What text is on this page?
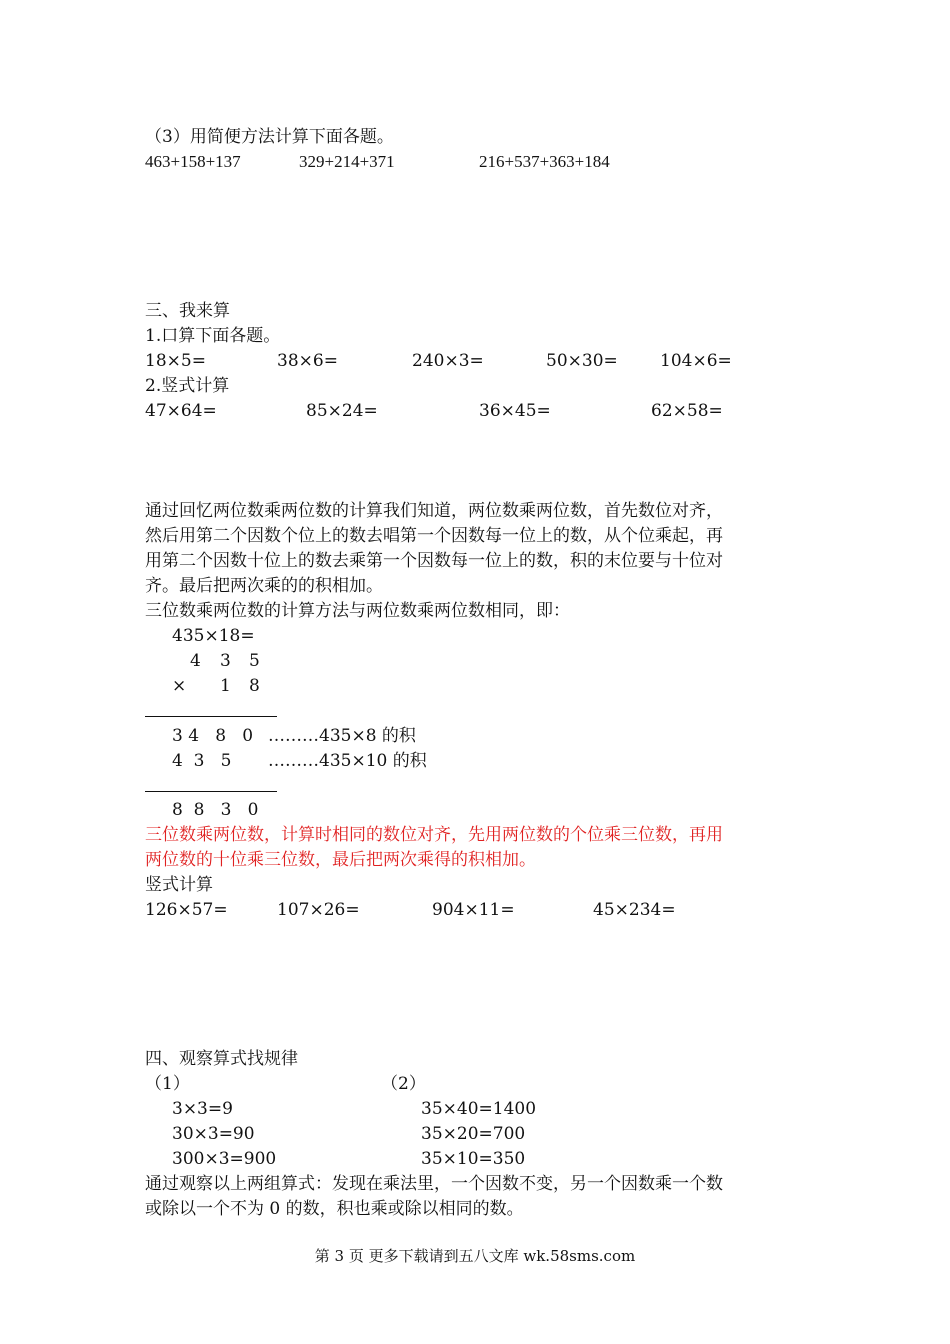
（3）用简便方法计算下面各题。
463+158+137	329+214+371	216+537+363+184
三、我来算
1.口算下面各题。
18×5=	38×6=	240×3=	50×30= 104×6=
2.竖式计算
47×64=	85×24=	36×45=	62×58=
通过回忆两位数乘两位数的计算我们知道，两位数乘两位数，首先数位对齐，
然后用第二个因数个位上的数去唱第一个因数每一位上的数，从个位乘起，再
用第二个因数十位上的数去乘第一个因数每一位上的数，积的末位要与十位对
齐。最后把两次乘的的积相加。
三位数乘两位数的计算方法与两位数乘两位数相同，即：
435×18=
4 3 5
× 1 8
3 4   8   0 ………435×8 的积
4  3   5 ………435×10 的积
8  8   3   0
三位数乘两位数，计算时相同的数位对齐，先用两位数的个位乘三位数，再用
两位数的十位乘三位数，最后把两次乘得的积相加。
竖式计算
126×57=	107×26=	904×11=	45×234=
四、观察算式找规律
（1）	（2）
3×3=9
30×3=90
300×3=900
35×40=1400
35×20=700
35×10=350
通过观察以上两组算式：发现在乘法里，一个因数不变，另一个因数乘一个数
或除以一个不为 0 的数，积也乘或除以相同的数。
第 3 页 更多下载请到五八文库 wk.58sms.com
